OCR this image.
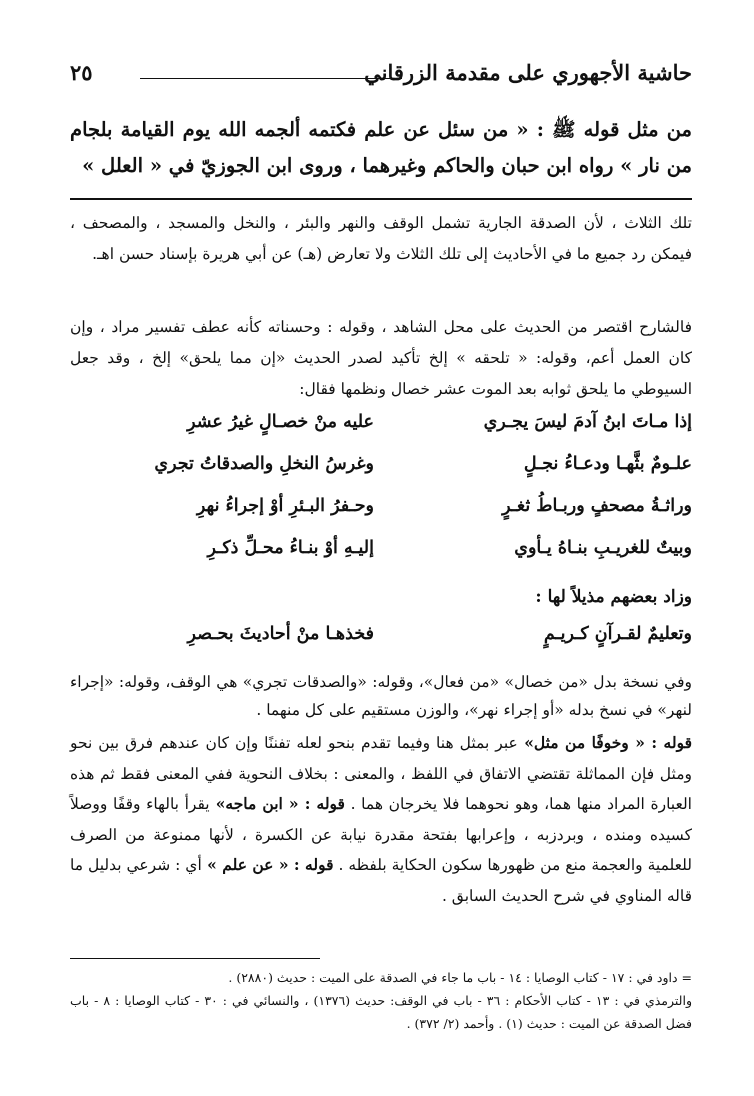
حاشية الأجهوري على مقدمة الزرقاني
٢٥
من مثل قوله ﷺ : « من سئل عن علم فكتمه ألجمه الله يوم القيامة بلجام من نار » رواه ابن حبان والحاكم وغيرهما ، وروى ابن الجوزيّ في « العلل »
تلك الثلاث ، لأن الصدقة الجارية تشمل الوقف والنهر والبئر ، والنخل والمسجد ، والمصحف ، فيمكن رد جميع ما في الأحاديث إلى تلك الثلاث ولا تعارض (هـ) عن أبي هريرة بإسناد حسن اهـ.
فالشارح اقتصر من الحديث على محل الشاهد ، وقوله : وحسناته كأنه عطف تفسير مراد ، وإن كان العمل أعم، وقوله: « تلحقه » إلخ تأكيد لصدر الحديث «إن مما يلحق» إلخ ، وقد جعل السيوطي ما يلحق ثوابه بعد الموت عشر خصال ونظمها فقال:
إذا مـاتَ ابنُ آدمَ ليسَ يجـري
عليه منْ خصـالٍ غيرُ عشرِ
علـومٌ بثَّهـا ودعـاءُ نجـلٍ
وغرسُ النخلِ والصدقاتُ تجري
وراثـةُ مصحفٍ وربـاطُ ثغـرٍ
وحـفرُ البـئرِ أوْ إجراءُ نهرِ
وبيتٌ للغريـبِ بنـاهُ يـأوي
إليـهِ أوْ بنـاءُ محـلِّ ذكـرِ
وزاد بعضهم مذيلاً لها :
وتعليمٌ لقـرآنٍ كـريـمٍ
فخذهـا منْ أحاديثَ بحـصرِ
وفي نسخة بدل «من خصال» «من فعال»، وقوله: «والصدقات تجري» هي الوقف، وقوله: «إجراء لنهر» في نسخ بدله «أو إجراء نهر»، والوزن مستقيم على كل منهما .
قوله : « وخوفًا من مثل» عبر بمثل هنا وفيما تقدم بنحو لعله تفننًا وإن كان عندهم فرق بين نحو ومثل فإن المماثلة تقتضي الاتفاق في اللفظ ، والمعنى : بخلاف النحوية ففي المعنى فقط ثم هذه العبارة المراد منها هما، وهو نحوهما فلا يخرجان هما . قوله : « ابن ماجه» يقرأ بالهاء وقفًا ووصلاً كسيده ومنده ، وبردزبه ، وإعرابها بفتحة مقدرة نيابة عن الكسرة ، لأنها ممنوعة من الصرف للعلمية والعجمة منع من ظهورها سكون الحكاية بلفظه . قوله : « عن علم » أي : شرعي بدليل ما قاله المناوي في شرح الحديث السابق .
= داود في : ١٧ - كتاب الوصايا : ١٤ - باب ما جاء في الصدقة على الميت : حديث (٢٨٨٠) .
والترمذي في : ١٣ - كتاب الأحكام : ٣٦ - باب في الوقف: حديث (١٣٧٦) ، والنسائي في : ٣٠ - كتاب الوصايا : ٨ - باب فضل الصدقة عن الميت : حديث (١) . وأحمد (٢/ ٣٧٢) .
